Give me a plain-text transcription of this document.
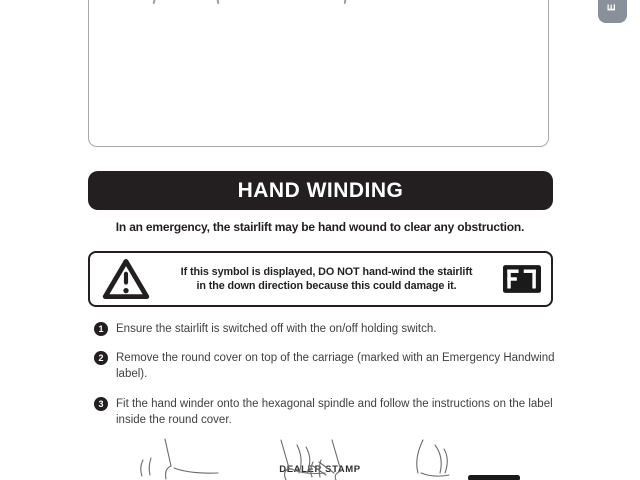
E
DEALER STAMP
HAND WINDING
In an emergency, the stairlift may be hand wound to clear any obstruction.
If this symbol is displayed, DO NOT hand-wind the stairlift
in the down direction because this could damage it.
1	Ensure the stairlift is switched off with the on/off holding switch.
2	Remove the round cover on top of the carriage (marked with an Emergency Handwind label).
3	Fit the hand winder onto the hexagonal spindle and follow the instructions on the label inside the round cover.
